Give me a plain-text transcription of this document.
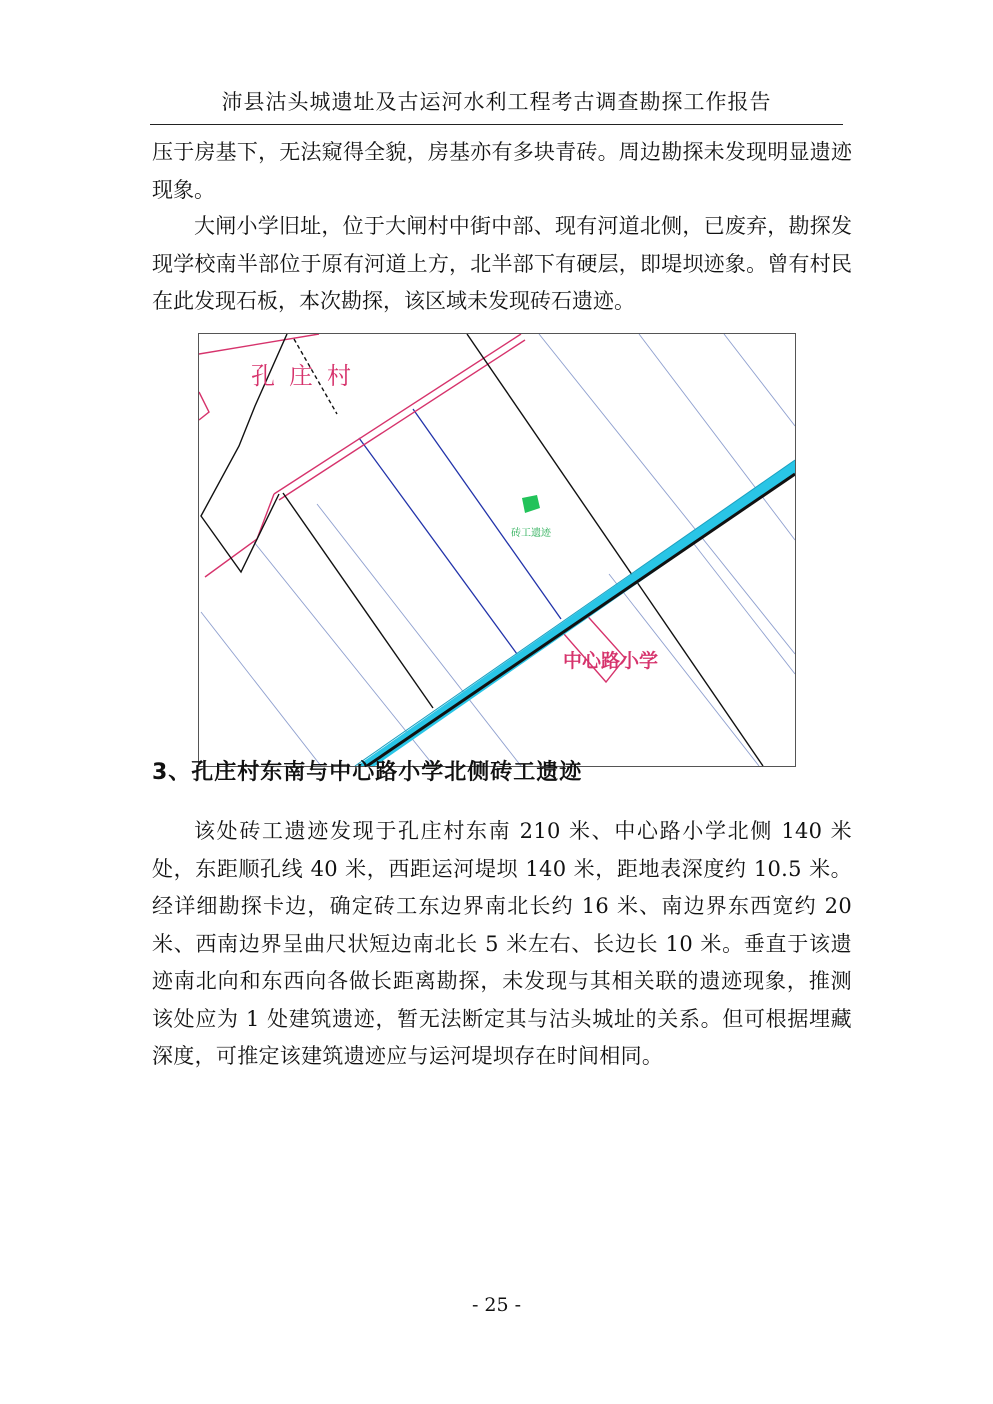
沛县沽头城遗址及古运河水利工程考古调查勘探工作报告

压于房基下，无法窥得全貌，房基亦有多块青砖。周边勘探未发现明显遗迹现象。

大闸小学旧址，位于大闸村中街中部、现有河道北侧，已废弃，勘探发现学校南半部位于原有河道上方，北半部下有硬层，即堤坝迹象。曾有村民在此发现石板，本次勘探，该区域未发现砖石遗迹。

孔庄村
砖工遗迹
中心路小学
3、孔庄村东南与中心路小学北侧砖工遗迹

该处砖工遗迹发现于孔庄村东南 210 米、中心路小学北侧 140 米处，东距顺孔线 40 米，西距运河堤坝 140 米，距地表深度约 10.5 米。经详细勘探卡边，确定砖工东边界南北长约 16 米、南边界东西宽约 20 米、西南边界呈曲尺状短边南北长 5 米左右、长边长 10 米。垂直于该遗迹南北向和东西向各做长距离勘探，未发现与其相关联的遗迹现象，推测该处应为 1 处建筑遗迹，暂无法断定其与沽头城址的关系。但可根据埋藏深度，可推定该建筑遗迹应与运河堤坝存在时间相同。

- 25 -
